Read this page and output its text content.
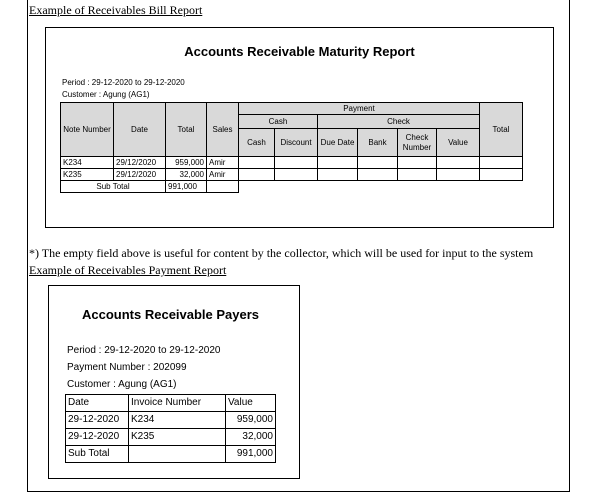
Example of Receivables Bill Report
Accounts Receivable Maturity Report
Period : 29-12-2020 to 29-12-2020
Customer : Agung (AG1)
Note Number	Date	Total	Sales	Payment						Total
				Cash		Check				
				Cash	Discount	Due Date	Bank	Check Number	Value	
K234	29/12/2020	959,000	Amir							
K235	29/12/2020	32,000	Amir							
Sub Total		991,000								
*) The empty field above is useful for content by the collector, which will be used for input to the system
Example of Receivables Payment Report
Accounts Receivable Payers
Period : 29-12-2020 to 29-12-2020
Payment Number : 202099
Customer : Agung (AG1)
Date	Invoice Number	Value
29-12-2020	K234	959,000
29-12-2020	K235	32,000
Sub Total		991,000
